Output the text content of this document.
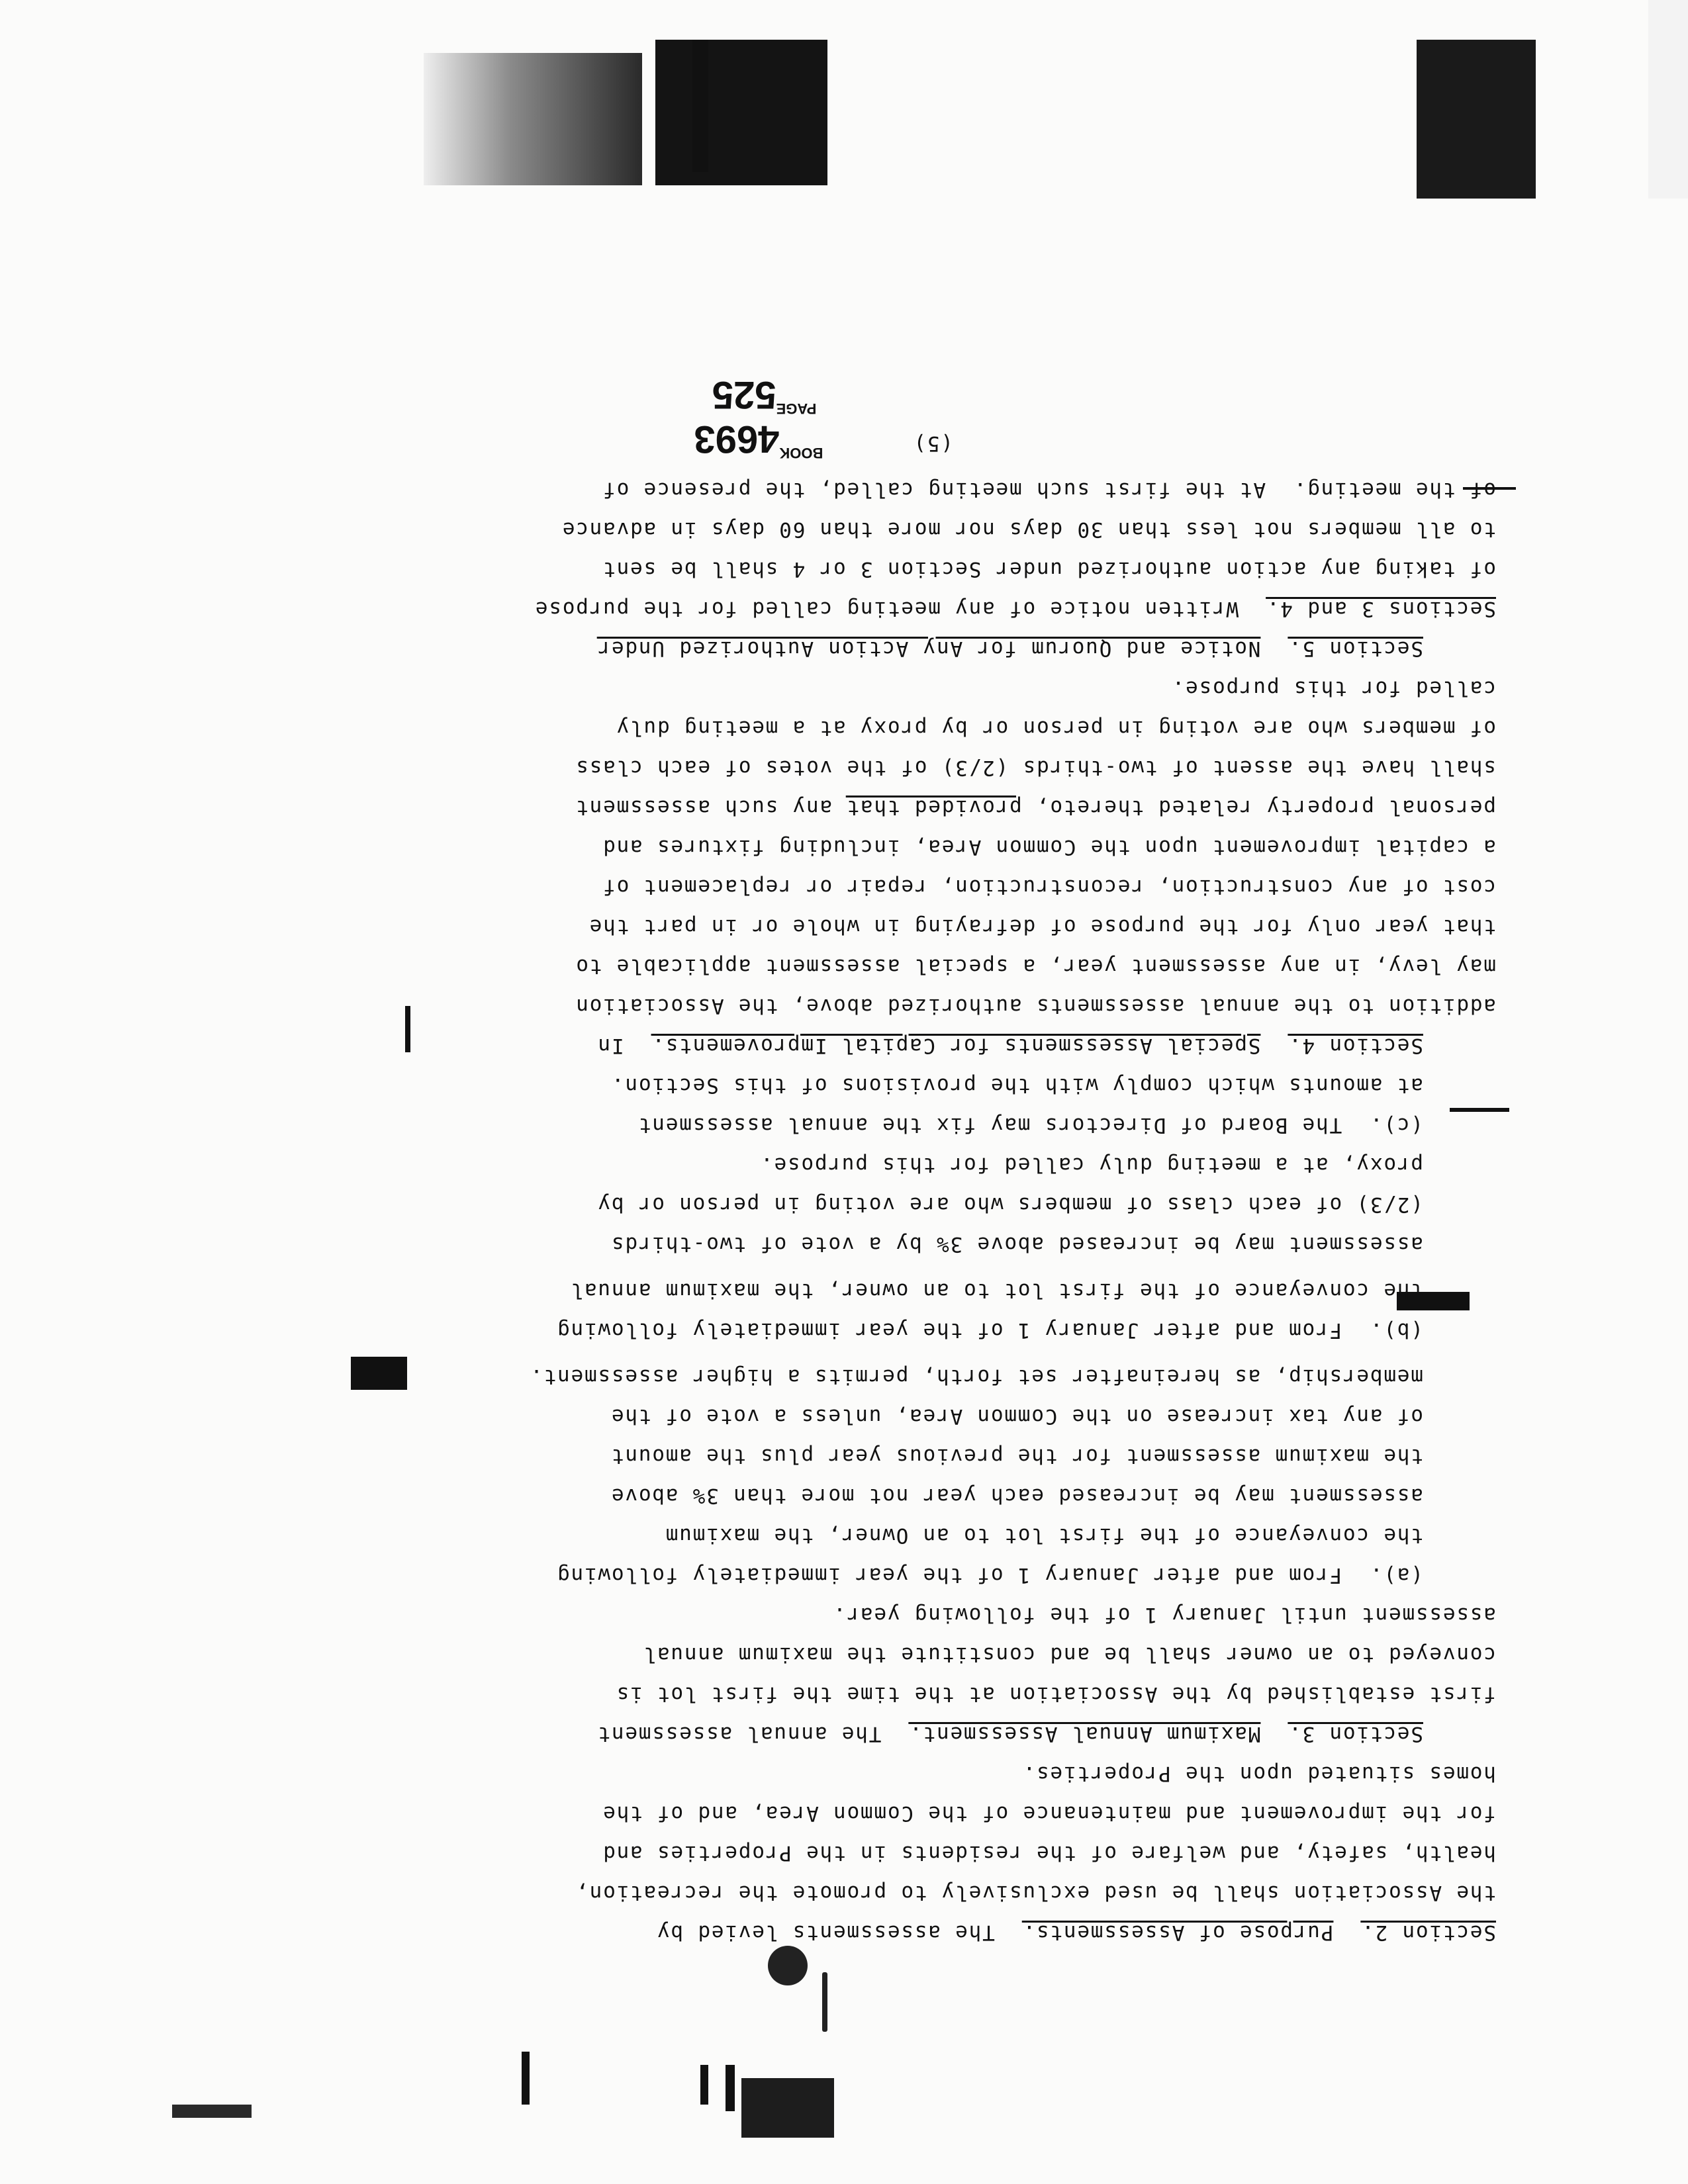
Section 2.  Purpose of Assessments.  The assessments levied by
the Association shall be used exclusively to promote the recreation,
health, safety, and welfare of the residents in the Properties and
for the improvement and maintenance of the Common Area, and of the
homes situated upon the Properties.
Section 3.  Maximum Annual Assessment.  The annual assessment
first established by the Association at the time the first lot is
conveyed to an owner shall be and constitute the maximum annual
assessment until January 1 of the following year.
(a).  From and after January 1 of the year immediately following
the conveyance of the first lot to an Owner, the maximum
assessment may be increased each year not more than 3% above
the maximum assessment for the previous year plus the amount
of any tax increase on the Common Area, unless a vote of the
membership, as hereinafter set forth, permits a higher assessment.
(b).  From and after January 1 of the year immediately following
the conveyance of the first lot to an owner, the maximum annual
assessment may be increased above 3% by a vote of two-thirds
(2/3) of each class of members who are voting in person or by
proxy, at a meeting duly called for this purpose.
(c).  The Board of Directors may fix the annual assessment
at amounts which comply with the provisions of this Section.
Section 4.  Special Assessments for Capital Improvements.  In
addition to the annual assessments authorized above, the Association
may levy, in any assessment year, a special assessment applicable to
that year only for the purpose of defraying in whole or in part the
cost of any construction, reconstruction, repair or replacement of
a capital improvement upon the Common Area, including fixtures and
personal property related thereto, provided that any such assessment
shall have the assent of two-thirds (2/3) of the votes of each class
of members who are voting in person or by proxy at a meeting duly
called for this purpose.
Section 5.  Notice and Quorum for Any Action Authorized Under
Sections 3 and 4.  Written notice of any meeting called for the purpose
of taking any action authorized under Section 3 or 4 shall be sent
to all members not less than 30 days nor more than 60 days in advance
of the meeting.  At the first such meeting called, the presence of
(5)

BOOK4693
PAGE525
